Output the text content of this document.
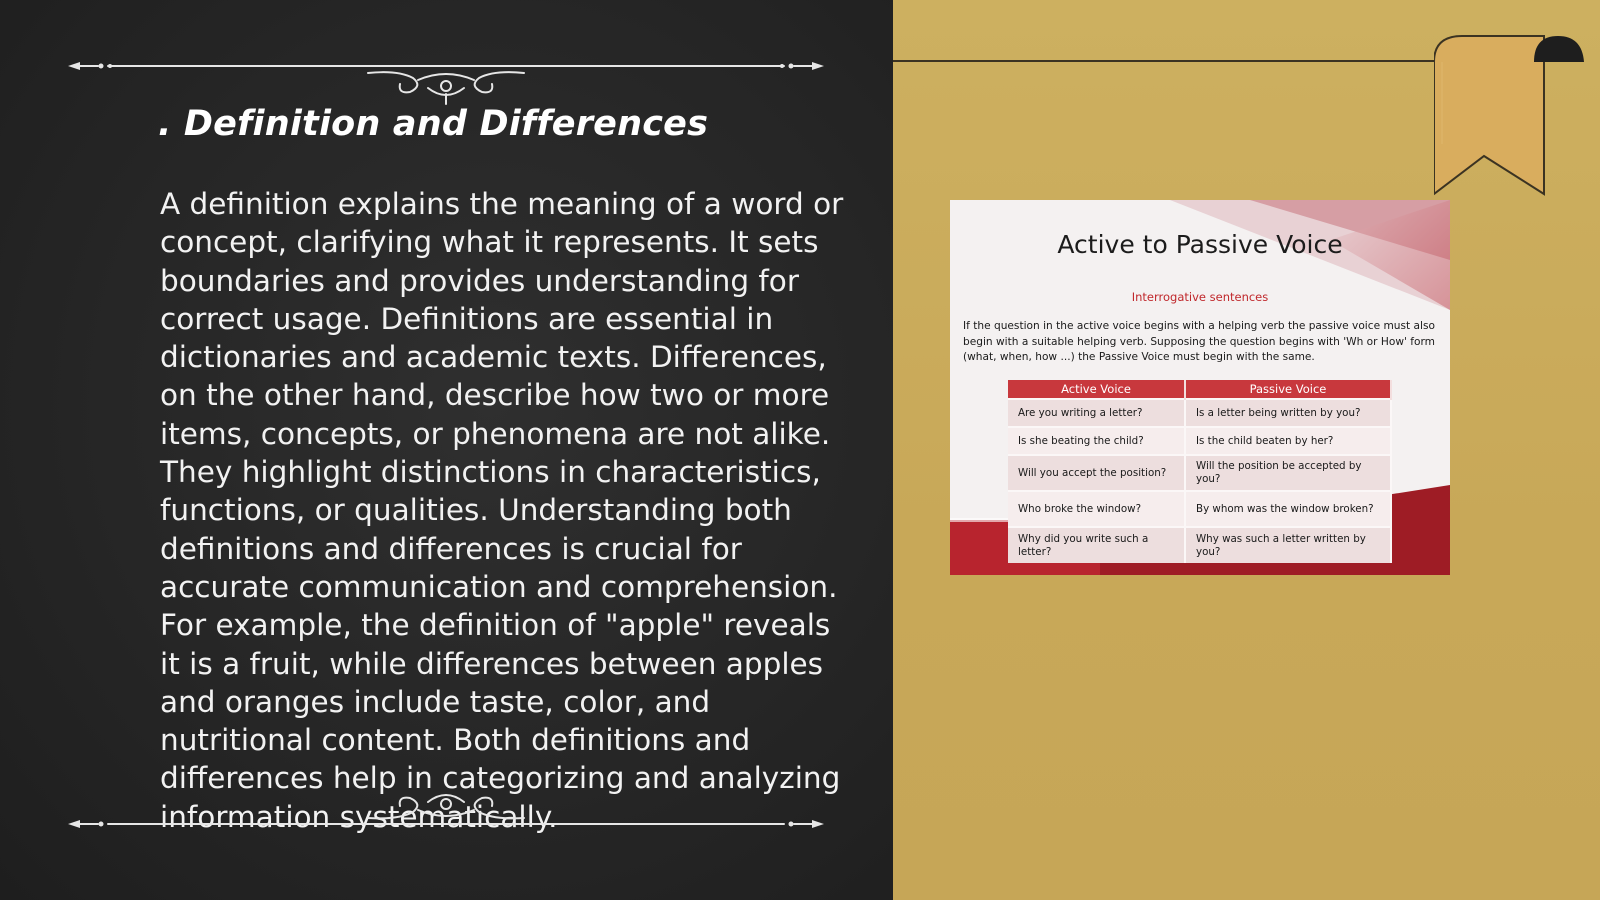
. Definition and Differences

A definition explains the meaning of a word or concept, clarifying what it represents. It sets boundaries and provides understanding for correct usage. Definitions are essential in dictionaries and academic texts. Differences, on the other hand, describe how two or more items, concepts, or phenomena are not alike. They highlight distinctions in characteristics, functions, or qualities. Understanding both definitions and differences is crucial for accurate communication and comprehension. For example, the definition of "apple" reveals it is a fruit, while differences between apples and oranges include taste, color, and nutritional content. Both definitions and differences help in categorizing and analyzing information systematically.

Active to Passive Voice
Interrogative sentences
If the question in the active voice begins with a helping verb the passive voice must also begin with a suitable helping verb. Supposing the question begins with 'Wh or How' form (what, when, how ...) the Passive Voice must begin with the same.
Active Voice	Passive Voice
Are you writing a letter?	Is a letter being written by you?
Is she beating the child?	Is the child beaten by her?
Will you accept the position?	Will the position be accepted by you?
Who broke the window?	By whom was the window broken?
Why did you write such a letter?	Why was such a letter written by you?
